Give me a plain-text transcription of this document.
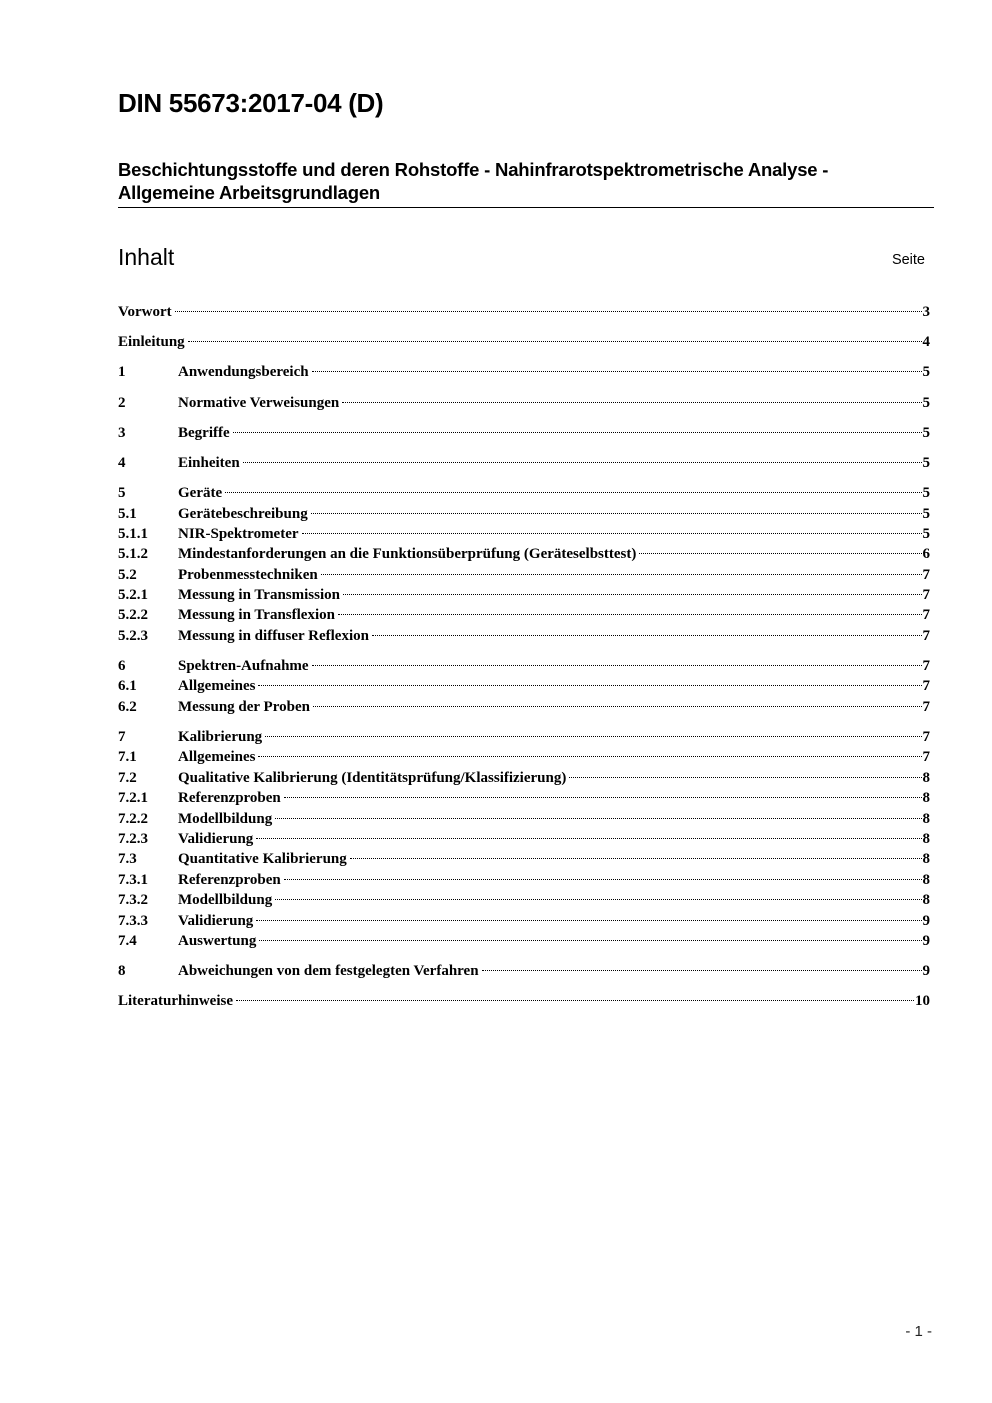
DIN 55673:2017-04 (D)
Beschichtungsstoffe und deren Rohstoffe - Nahinfrarotspektrometrische Analyse -
Allgemeine Arbeitsgrundlagen
Inhalt	Seite
Vorwort	3
Einleitung	4
1	Anwendungsbereich	5
2	Normative Verweisungen	5
3	Begriffe	5
4	Einheiten	5
5	Geräte	5
5.1	Gerätebeschreibung	5
5.1.1	NIR-Spektrometer	5
5.1.2	Mindestanforderungen an die Funktionsüberprüfung (Geräteselbsttest)	6
5.2	Probenmesstechniken	7
5.2.1	Messung in Transmission	7
5.2.2	Messung in Transflexion	7
5.2.3	Messung in diffuser Reflexion	7
6	Spektren-Aufnahme	7
6.1	Allgemeines	7
6.2	Messung der Proben	7
7	Kalibrierung	7
7.1	Allgemeines	7
7.2	Qualitative Kalibrierung (Identitätsprüfung/Klassifizierung)	8
7.2.1	Referenzproben	8
7.2.2	Modellbildung	8
7.2.3	Validierung	8
7.3	Quantitative Kalibrierung	8
7.3.1	Referenzproben	8
7.3.2	Modellbildung	8
7.3.3	Validierung	9
7.4	Auswertung	9
8	Abweichungen von dem festgelegten Verfahren	9
Literaturhinweise	10
- 1 -
